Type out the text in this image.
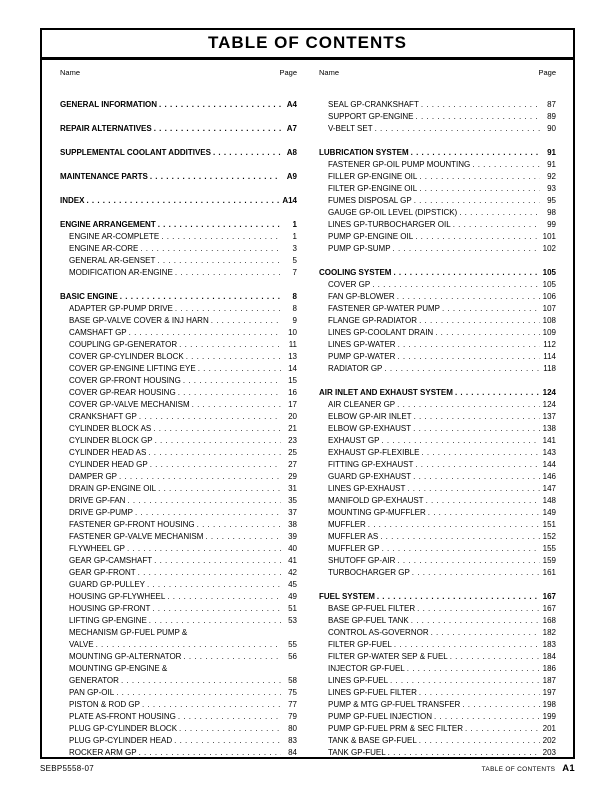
TABLE OF CONTENTS
Name	Page
GENERAL INFORMATION . . .	A4
REPAIR ALTERNATIVES . . .	A7
SUPPLEMENTAL COOLANT ADDITIVES . . .	A8
MAINTENANCE PARTS . . .	A9
INDEX . . .	A14
ENGINE ARRANGEMENT . . .	1
ENGINE AR-COMPLETE . . .	1
ENGINE AR-CORE . . .	3
GENERAL AR-GENSET . . .	5
MODIFICATION AR-ENGINE . . .	7
BASIC ENGINE . . .	8
ADAPTER GP-PUMP DRIVE . . .	8
BASE GP-VALVE COVER & INJ HARN . . .	9
CAMSHAFT GP . . .	10
COUPLING GP-GENERATOR . . .	11
COVER GP-CYLINDER BLOCK . . .	13
COVER GP-ENGINE LIFTING EYE . . .	14
COVER GP-FRONT HOUSING . . .	15
COVER GP-REAR HOUSING . . .	16
COVER GP-VALVE MECHANISM . . .	17
CRANKSHAFT GP . . .	20
CYLINDER BLOCK AS . . .	21
CYLINDER BLOCK GP . . .	23
CYLINDER HEAD AS . . .	25
CYLINDER HEAD GP . . .	27
DAMPER GP . . .	29
DRAIN GP-ENGINE OIL . . .	31
DRIVE GP-FAN . . .	35
DRIVE GP-PUMP . . .	37
FASTENER GP-FRONT HOUSING . . .	38
FASTENER GP-VALVE MECHANISM . . .	39
FLYWHEEL GP . . .	40
GEAR GP-CAMSHAFT . . .	41
GEAR GP-FRONT . . .	42
GUARD GP-PULLEY . . .	45
HOUSING GP-FLYWHEEL . . .	49
HOUSING GP-FRONT . . .	51
LIFTING GP-ENGINE . . .	53
MECHANISM GP-FUEL PUMP &
VALVE . . .	55
MOUNTING GP-ALTERNATOR . . .	56
MOUNTING GP-ENGINE &
GENERATOR . . .	58
PAN GP-OIL . . .	75
PISTON & ROD GP . . .	77
PLATE AS-FRONT HOUSING . . .	79
PLUG GP-CYLINDER BLOCK . . .	80
PLUG GP-CYLINDER HEAD . . .	83
ROCKER ARM GP . . .	84
Name	Page
SEAL GP-CRANKSHAFT . . .	87
SUPPORT GP-ENGINE . . .	89
V-BELT SET . . .	90
LUBRICATION SYSTEM . . .	91
FASTENER GP-OIL PUMP MOUNTING . . .	91
FILLER GP-ENGINE OIL . . .	92
FILTER GP-ENGINE OIL . . .	93
FUMES DISPOSAL GP . . .	95
GAUGE GP-OIL LEVEL (DIPSTICK) . . .	98
LINES GP-TURBOCHARGER OIL . . .	99
PUMP GP-ENGINE OIL . . .	101
PUMP GP-SUMP . . .	102
COOLING SYSTEM . . .	105
COVER GP . . .	105
FAN GP-BLOWER . . .	106
FASTENER GP-WATER PUMP . . .	107
FLANGE GP-RADIATOR . . .	108
LINES GP-COOLANT DRAIN . . .	109
LINES GP-WATER . . .	112
PUMP GP-WATER . . .	114
RADIATOR GP . . .	118
AIR INLET AND EXHAUST SYSTEM . . .	124
AIR CLEANER GP . . .	124
ELBOW GP-AIR INLET . . .	137
ELBOW GP-EXHAUST . . .	138
EXHAUST GP . . .	141
EXHAUST GP-FLEXIBLE . . .	143
FITTING GP-EXHAUST . . .	144
GUARD GP-EXHAUST . . .	146
LINES GP-EXHAUST . . .	147
MANIFOLD GP-EXHAUST . . .	148
MOUNTING GP-MUFFLER . . .	149
MUFFLER . . .	151
MUFFLER AS . . .	152
MUFFLER GP . . .	155
SHUTOFF GP-AIR . . .	159
TURBOCHARGER GP . . .	161
FUEL SYSTEM . . .	167
BASE GP-FUEL FILTER . . .	167
BASE GP-FUEL TANK . . .	168
CONTROL AS-GOVERNOR . . .	182
FILTER GP-FUEL . . .	183
FILTER GP-WATER SEP & FUEL . . .	184
INJECTOR GP-FUEL . . .	186
LINES GP-FUEL . . .	187
LINES GP-FUEL FILTER . . .	197
PUMP & MTG GP-FUEL TRANSFER . . .	198
PUMP GP-FUEL INJECTION . . .	199
PUMP GP-FUEL PRM & SEC FILTER . . .	201
TANK & BASE GP-FUEL . . .	202
TANK GP-FUEL . . .	203
SEBP5558-07	TABLE OF CONTENTS A1
